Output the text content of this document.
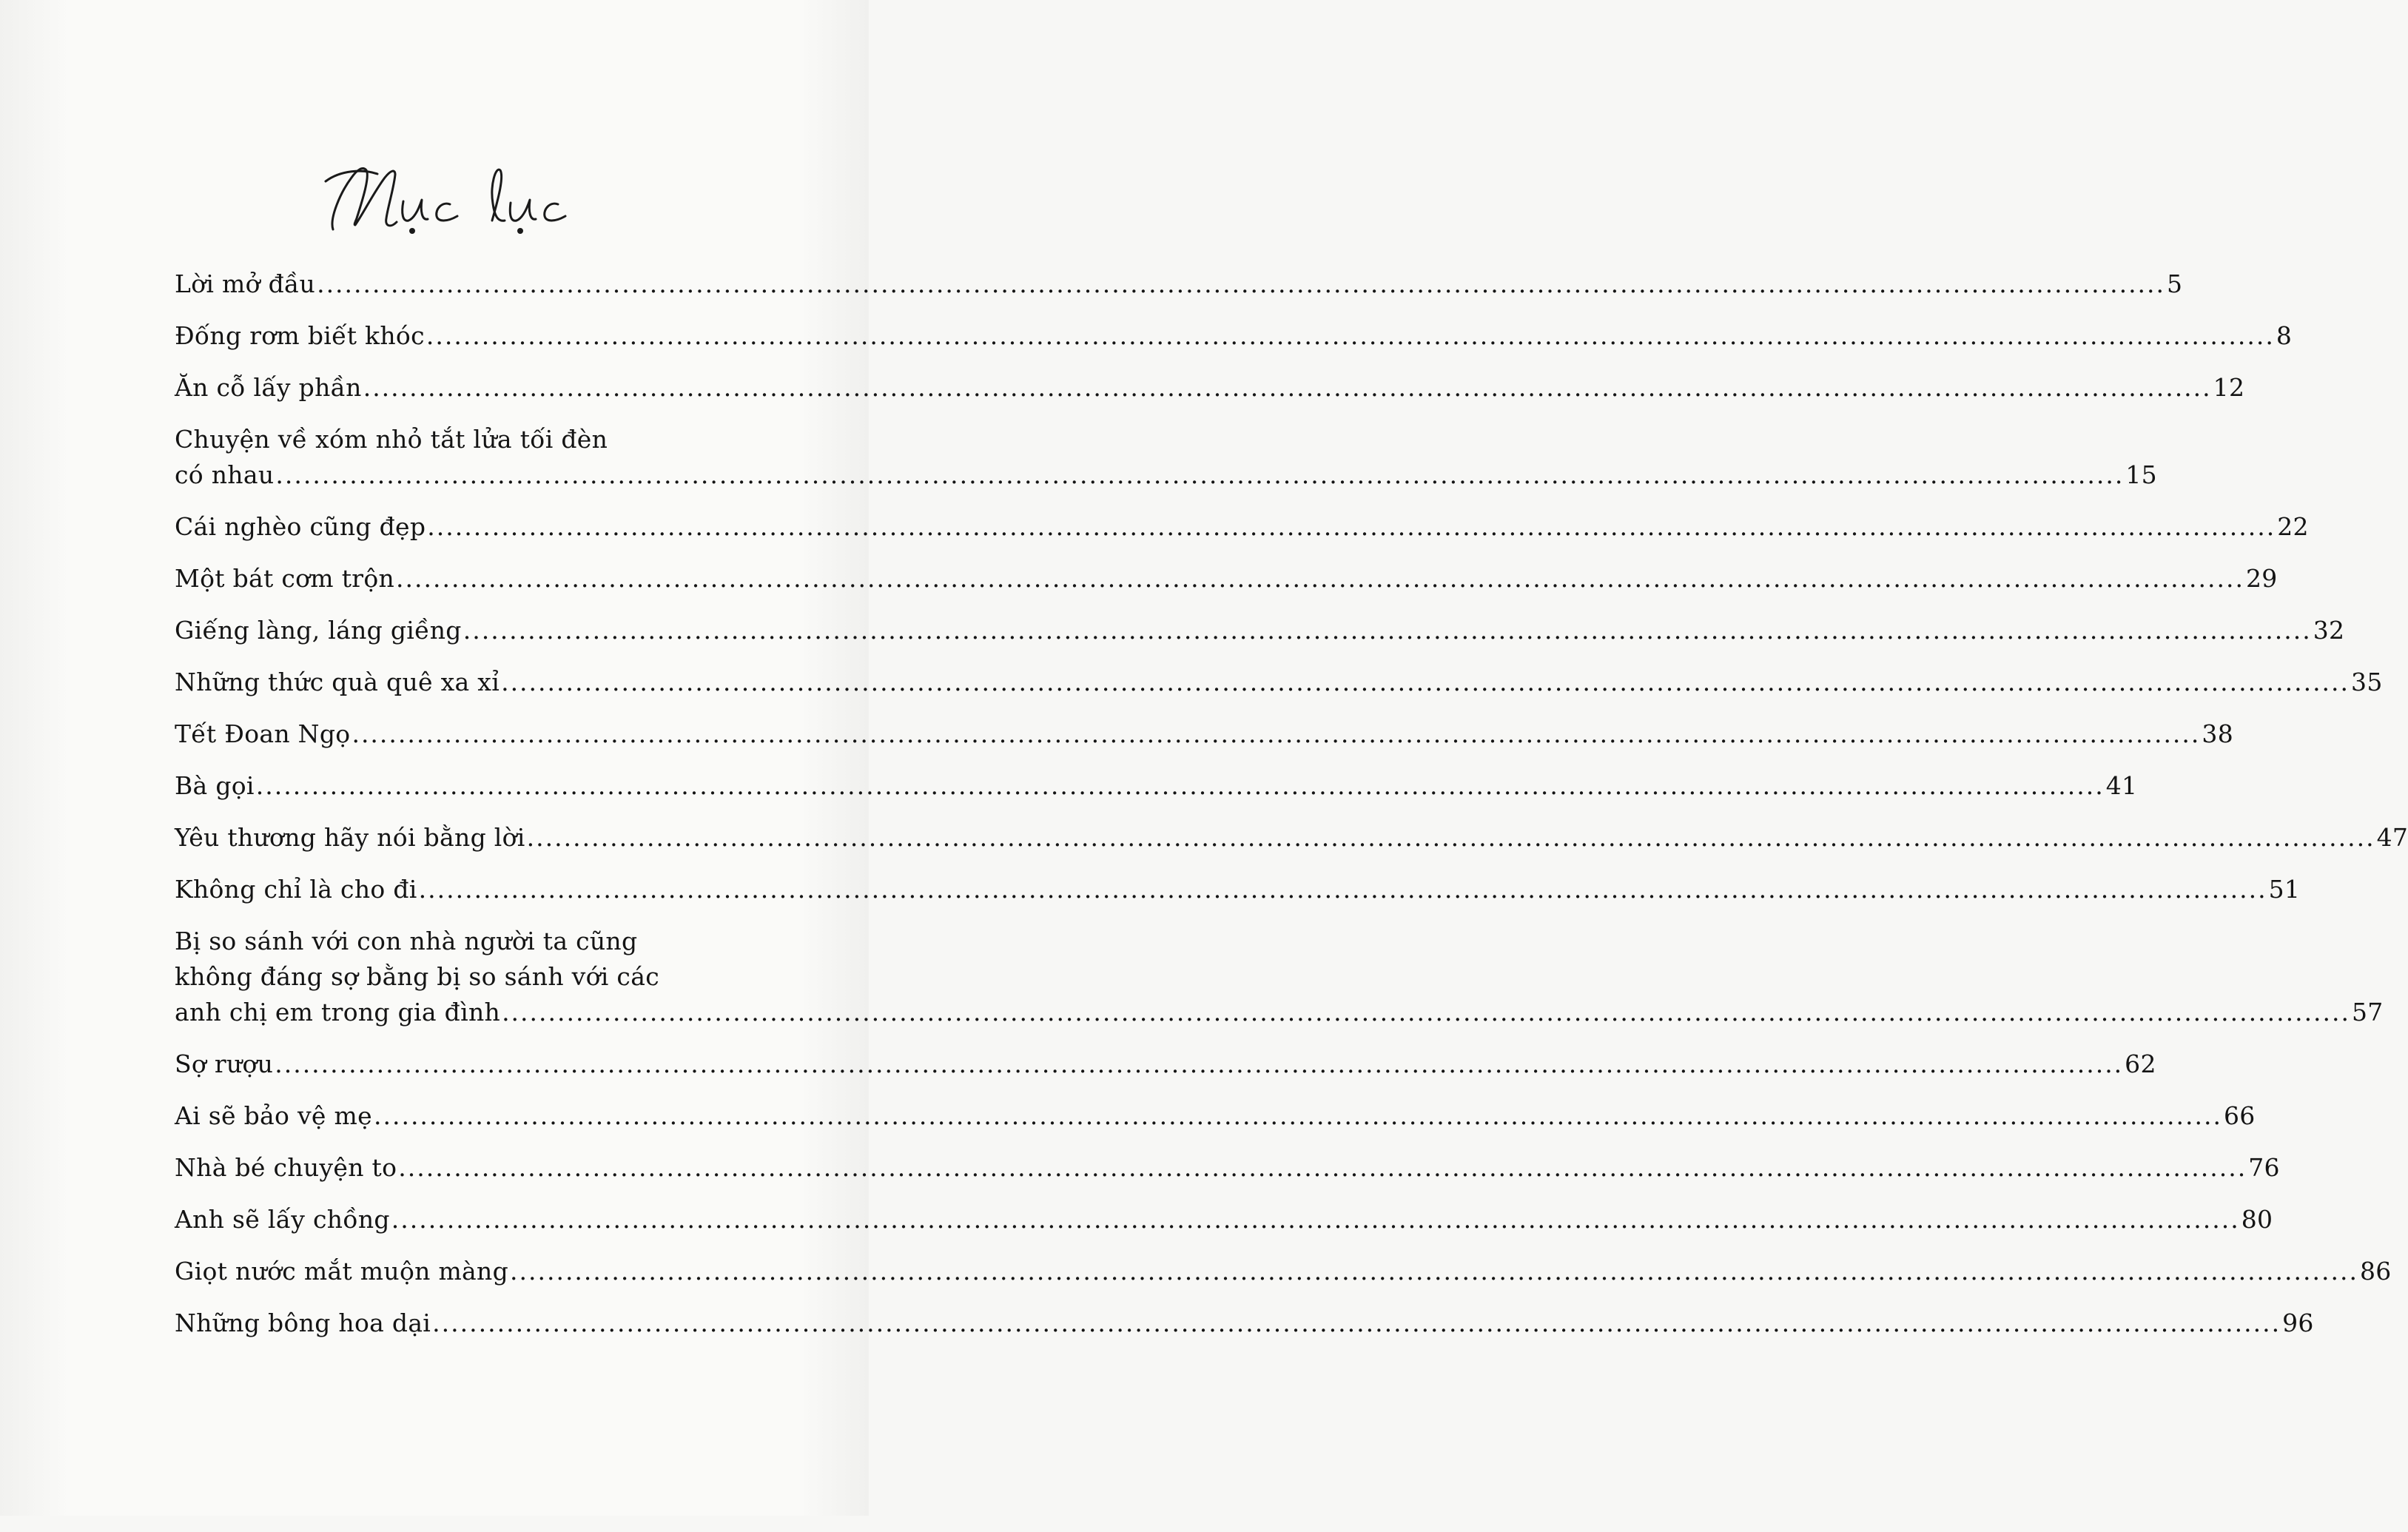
Lời mở đầu ........................................................................................................................................................................................................ 5
Đống rơm biết khóc ........................................................................................................................................................................................................ 8
Ăn cỗ lấy phần ........................................................................................................................................................................................................ 12
Chuyện về xóm nhỏ tắt lửa tối đèn
có nhau ........................................................................................................................................................................................................ 15
Cái nghèo cũng đẹp ........................................................................................................................................................................................................ 22
Một bát cơm trộn ........................................................................................................................................................................................................ 29
Giếng làng, láng giềng ........................................................................................................................................................................................................ 32
Những thức quà quê xa xỉ ........................................................................................................................................................................................................ 35
Tết Đoan Ngọ ........................................................................................................................................................................................................ 38
Bà gọi ........................................................................................................................................................................................................ 41
Yêu thương hãy nói bằng lời ........................................................................................................................................................................................................ 47
Không chỉ là cho đi ........................................................................................................................................................................................................ 51
Bị so sánh với con nhà người ta cũng
không đáng sợ bằng bị so sánh với các
anh chị em trong gia đình ........................................................................................................................................................................................................ 57
Sợ rượu ........................................................................................................................................................................................................ 62
Ai sẽ bảo vệ mẹ ........................................................................................................................................................................................................ 66
Nhà bé chuyện to ........................................................................................................................................................................................................ 76
Anh sẽ lấy chồng ........................................................................................................................................................................................................ 80
Giọt nước mắt muộn màng ........................................................................................................................................................................................................ 86
Những bông hoa dại ........................................................................................................................................................................................................ 96
